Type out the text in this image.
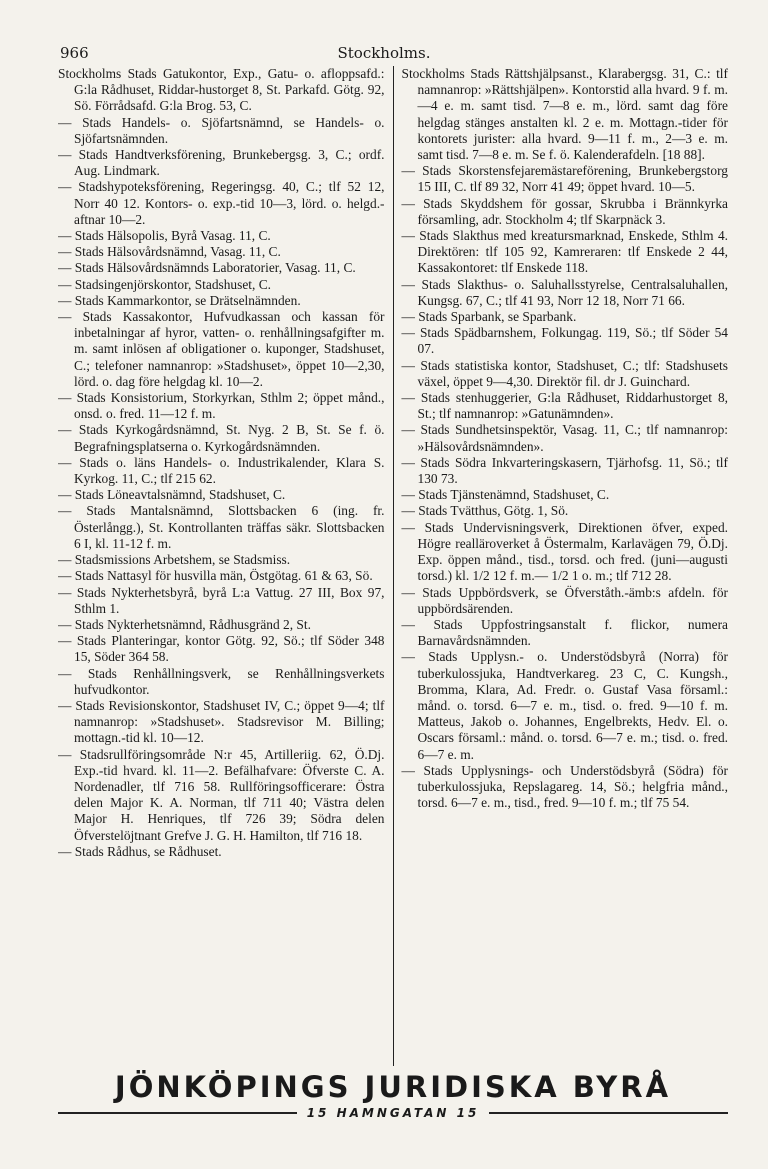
966	Stockholms.

Stockholms Stads Gatukontor, Exp., Gatu- o. afloppsafd.: G:la Rådhuset, Riddar-hustorget 8, St. Parkafd. Götg. 92, Sö. Förrådsafd. G:la Brog. 53, C.

— Stads Handels- o. Sjöfartsnämnd, se Handels- o. Sjöfartsnämnden.

— Stads Handtverksförening, Brunkebergsg. 3, C.; ordf. Aug. Lindmark.

— Stadshypoteksförening, Regeringsg. 40, C.; tlf 52 12, Norr 40 12. Kontors- o. exp.-tid 10—3, lörd. o. helgd.-aftnar 10—2.

— Stads Hälsopolis, Byrå Vasag. 11, C.

— Stads Hälsovårdsnämnd, Vasag. 11, C.

— Stads Hälsovårdsnämnds Laboratorier, Vasag. 11, C.

— Stadsingenjörskontor, Stadshuset, C.

— Stads Kammarkontor, se Drätselnämnden.

— Stads Kassakontor, Hufvudkassan och kassan för inbetalningar af hyror, vatten- o. renhållningsafgifter m. m. samt inlösen af obligationer o. kuponger, Stadshuset, C.; telefoner namnanrop: »Stadshuset», öppet 10—2,30, lörd. o. dag före helgdag kl. 10—2.

— Stads Konsistorium, Storkyrkan, Sthlm 2; öppet månd., onsd. o. fred. 11—12 f. m.

— Stads Kyrkogårdsnämnd, St. Nyg. 2 B, St. Se f. ö. Begrafningsplatserna o. Kyrkogårdsnämnden.

— Stads o. läns Handels- o. Industrikalender, Klara S. Kyrkog. 11, C.; tlf 215 62.

— Stads Löneavtalsnämnd, Stadshuset, C.

— Stads Mantalsnämnd, Slottsbacken 6 (ing. fr. Österlångg.), St. Kontrollanten träffas säkr. Slottsbacken 6 I, kl. 11-12 f. m.

— Stadsmissions Arbetshem, se Stadsmiss.

— Stads Nattasyl för husvilla män, Östgötag. 61 & 63, Sö.

— Stads Nykterhetsbyrå, byrå L:a Vattug. 27 III, Box 97, Sthlm 1.

— Stads Nykterhetsnämnd, Rådhusgränd 2, St.

— Stads Planteringar, kontor Götg. 92, Sö.; tlf Söder 348 15, Söder 364 58.

— Stads Renhållningsverk, se Renhållningsverkets hufvudkontor.

— Stads Revisionskontor, Stadshuset IV, C.; öppet 9—4; tlf namnanrop: »Stadshuset». Stadsrevisor M. Billing; mottagn.-tid kl. 10—12.

— Stadsrullföringsområde N:r 45, Artilleriig. 62, Ö.Dj. Exp.-tid hvard. kl. 11—2. Befälhafvare: Öfverste C. A. Nordenadler, tlf 716 58. Rullföringsofficerare: Östra delen Major K. A. Norman, tlf 711 40; Västra delen Major H. Henriques, tlf 726 39; Södra delen Öfverstelöjtnant Grefve J. G. H. Hamilton, tlf 716 18.

— Stads Rådhus, se Rådhuset.

Stockholms Stads Rättshjälpsanst., Klarabergsg. 31, C.: tlf namnanrop: »Rättshjälpen». Kontorstid alla hvard. 9 f. m. —4 e. m. samt tisd. 7—8 e. m., lörd. samt dag före helgdag stänges anstalten kl. 2 e. m. Mottagn.-tider för kontorets jurister: alla hvard. 9—11 f. m., 2—3 e. m. samt tisd. 7—8 e. m. Se f. ö. Kalenderafdeln. [18 88].

— Stads Skorstensfejaremästareförening, Brunkebergstorg 15 III, C. tlf 89 32, Norr 41 49; öppet hvard. 10—5.

— Stads Skyddshem för gossar, Skrubba i Brännkyrka församling, adr. Stockholm 4; tlf Skarpnäck 3.

— Stads Slakthus med kreatursmarknad, Enskede, Sthlm 4. Direktören: tlf 105 92, Kamreraren: tlf Enskede 2 44, Kassakontoret: tlf Enskede 118.

— Stads Slakthus- o. Saluhallsstyrelse, Centralsaluhallen, Kungsg. 67, C.; tlf 41 93, Norr 12 18, Norr 71 66.

— Stads Sparbank, se Sparbank.

— Stads Spädbarnshem, Folkungag. 119, Sö.; tlf Söder 54 07.

— Stads statistiska kontor, Stadshuset, C.; tlf: Stadshusets växel, öppet 9—4,30. Direktör fil. dr J. Guinchard.

— Stads stenhuggerier, G:la Rådhuset, Riddarhustorget 8, St.; tlf namnanrop: »Gatunämnden».

— Stads Sundhetsinspektör, Vasag. 11, C.; tlf namnanrop: »Hälsovårdsnämnden».

— Stads Södra Inkvarteringskasern, Tjärhofsg. 11, Sö.; tlf 130 73.

— Stads Tjänstenämnd, Stadshuset, C.

— Stads Tvätthus, Götg. 1, Sö.

— Stads Undervisningsverk, Direktionen öfver, exped. Högre realläroverket å Östermalm, Karlavägen 79, Ö.Dj. Exp. öppen månd., tisd., torsd. och fred. (juni—augusti torsd.) kl. 1/2 12 f. m.— 1/2 1 o. m.; tlf 712 28.

— Stads Uppbördsverk, se Öfverståth.-ämb:s afdeln. för uppbördsärenden.

— Stads Uppfostringsanstalt f. flickor, numera Barnavårdsnämnden.

— Stads Upplysn.- o. Understödsbyrå (Norra) för tuberkulossjuka, Handtverkareg. 23 C, C. Kungsh., Bromma, Klara, Ad. Fredr. o. Gustaf Vasa församl.: månd. o. torsd. 6—7 e. m., tisd. o. fred. 9—10 f. m. Matteus, Jakob o. Johannes, Engelbrekts, Hedv. El. o. Oscars församl.: månd. o. torsd. 6—7 e. m.; tisd. o. fred. 6—7 e. m.

— Stads Upplysnings- och Understödsbyrå (Södra) för tuberkulossjuka, Repslagareg. 14, Sö.; helgfria månd., torsd. 6—7 e. m., tisd., fred. 9—10 f. m.; tlf 75 54.

JÖNKÖPINGS JURIDISKA BYRÅ
15 HAMNGATAN 15
